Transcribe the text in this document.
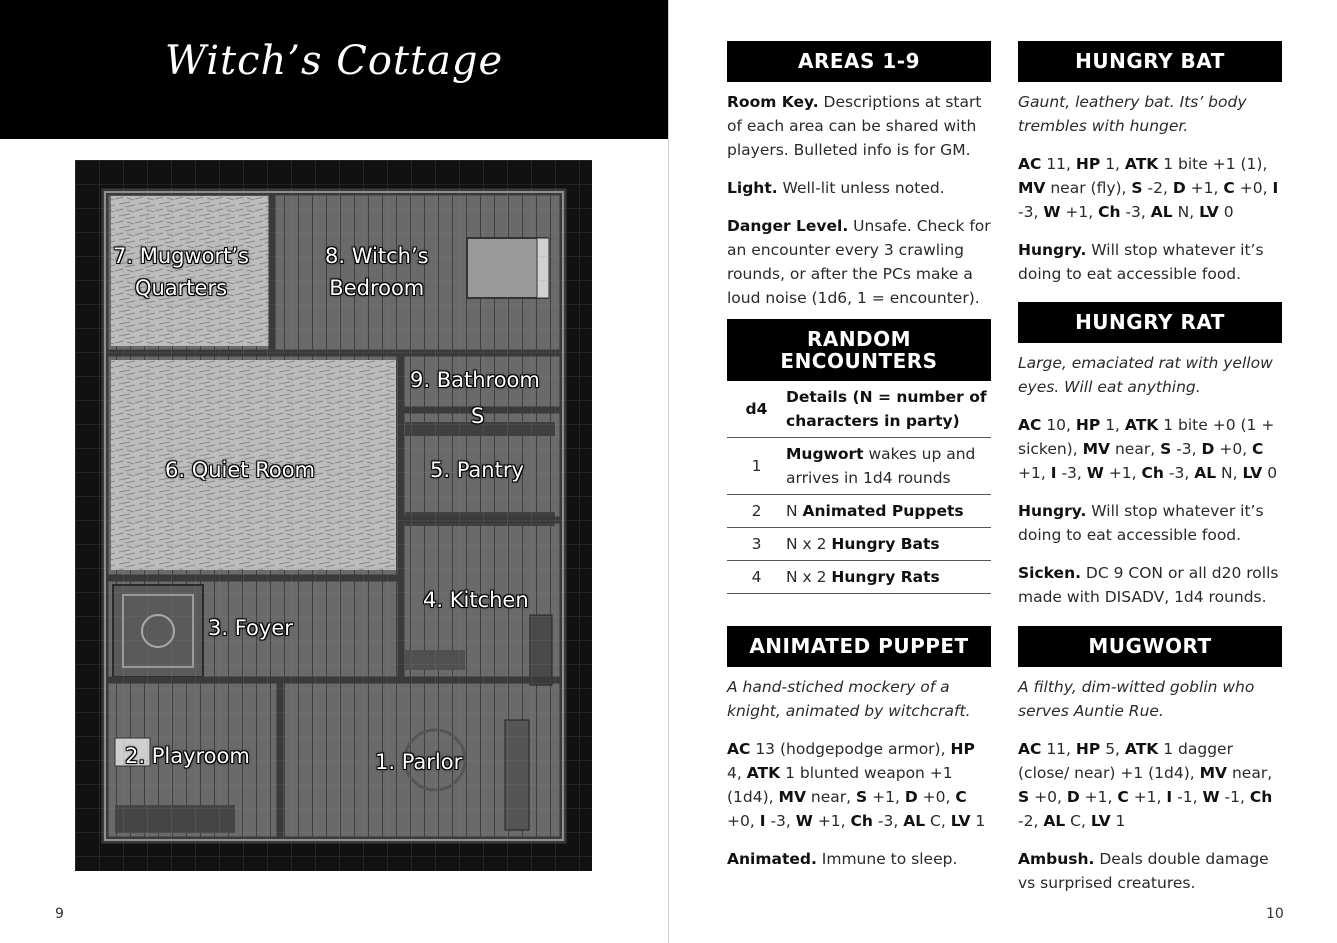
Witch’s Cottage
7. Mugwort’s
Quarters
8. Witch’s
Bedroom
9. Bathroom
S
6. Quiet Room	5. Pantry
4. Kitchen
3. Foyer
2. Playroom	1. Parlor
9
AREAS 1-9

Room Key. Descriptions at start of each area can be shared with players. Bulleted info is for GM.

Light. Well-lit unless noted.

Danger Level. Unsafe. Check for an encounter every 3 crawling rounds, or after the PCs make a loud noise (1d6, 1 = encounter).

RANDOM
ENCOUNTERS
d4	Details (N = number of characters in party)
1	Mugwort wakes up and arrives in 1d4 rounds
2	N Animated Puppets
3	N x 2 Hungry Bats
4	N x 2 Hungry Rats
ANIMATED PUPPET

A hand-stiched mockery of a knight, animated by witchcraft.

AC 13 (hodgepodge armor), HP 4, ATK 1 blunted weapon +1 (1d4), MV near, S +1, D +0, C +0, I -3, W +1, Ch -3, AL C, LV 1

Animated. Immune to sleep.

HUNGRY BAT

Gaunt, leathery bat. Its’ body trembles with hunger.

AC 11, HP 1, ATK 1 bite +1 (1), MV near (fly), S -2, D +1, C +0, I -3, W +1, Ch -3, AL N, LV 0

Hungry. Will stop whatever it’s doing to eat accessible food.

HUNGRY RAT

Large, emaciated rat with yellow eyes. Will eat anything.

AC 10, HP 1, ATK 1 bite +0 (1 + sicken), MV near, S -3, D +0, C +1, I -3, W +1, Ch -3, AL N, LV 0

Hungry. Will stop whatever it’s doing to eat accessible food.

Sicken. DC 9 CON or all d20 rolls made with DISADV, 1d4 rounds.

MUGWORT

A filthy, dim-witted goblin who serves Auntie Rue.

AC 11, HP 5, ATK 1 dagger (close/ near) +1 (1d4), MV near, S +0, D +1, C +1, I -1, W -1, Ch -2, AL C, LV 1

Ambush. Deals double damage vs surprised creatures.

10
